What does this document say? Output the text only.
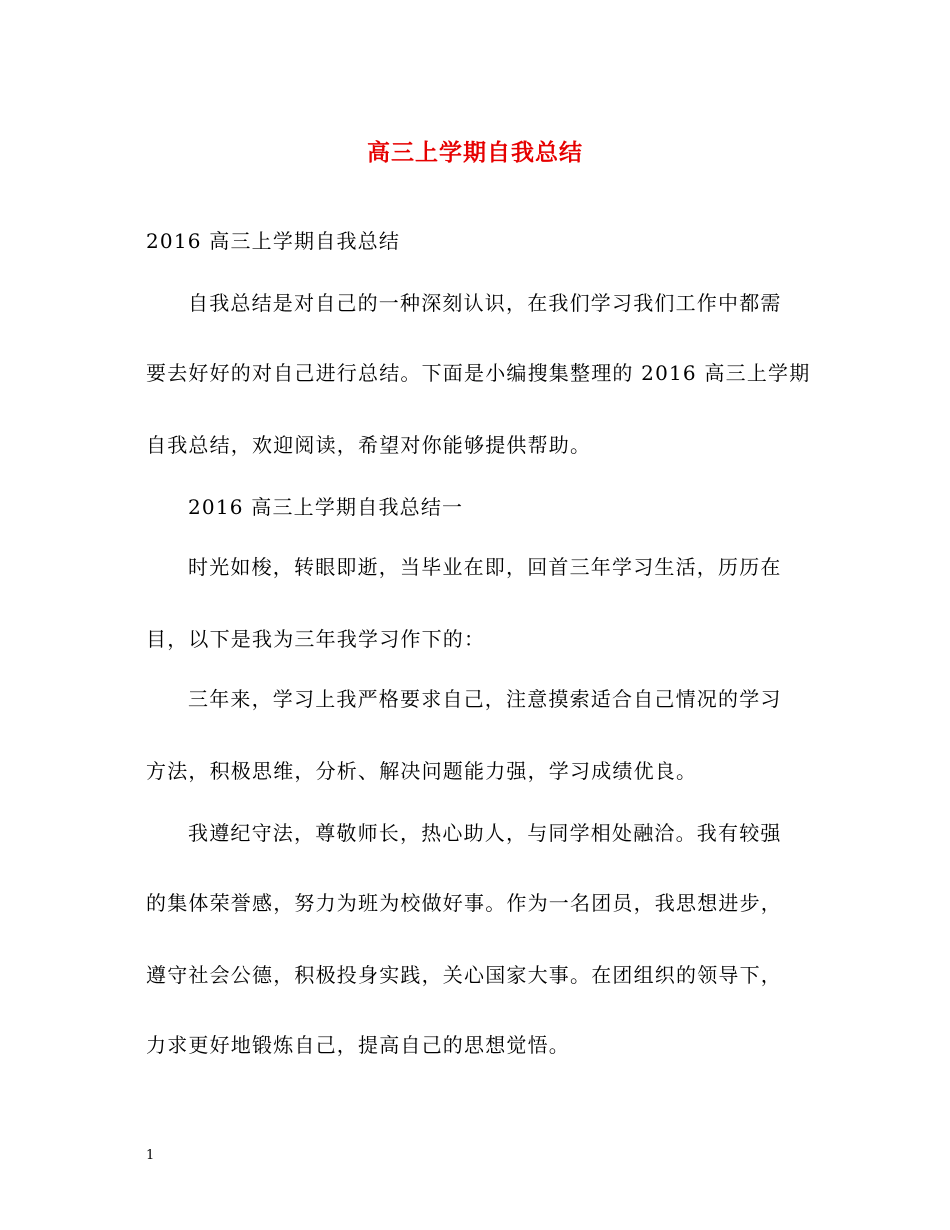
高三上学期自我总结
2016 高三上学期自我总结
自我总结是对自己的一种深刻认识，在我们学习我们工作中都需
要去好好的对自己进行总结。下面是小编搜集整理的 2016 高三上学期
自我总结，欢迎阅读，希望对你能够提供帮助。
2016 高三上学期自我总结一
时光如梭，转眼即逝，当毕业在即，回首三年学习生活，历历在
目，以下是我为三年我学习作下的：
三年来，学习上我严格要求自己，注意摸索适合自己情况的学习
方法，积极思维，分析、解决问题能力强，学习成绩优良。
我遵纪守法，尊敬师长，热心助人，与同学相处融洽。我有较强
的集体荣誉感，努力为班为校做好事。作为一名团员，我思想进步，
遵守社会公德，积极投身实践，关心国家大事。在团组织的领导下，
力求更好地锻炼自己，提高自己的思想觉悟。
1
